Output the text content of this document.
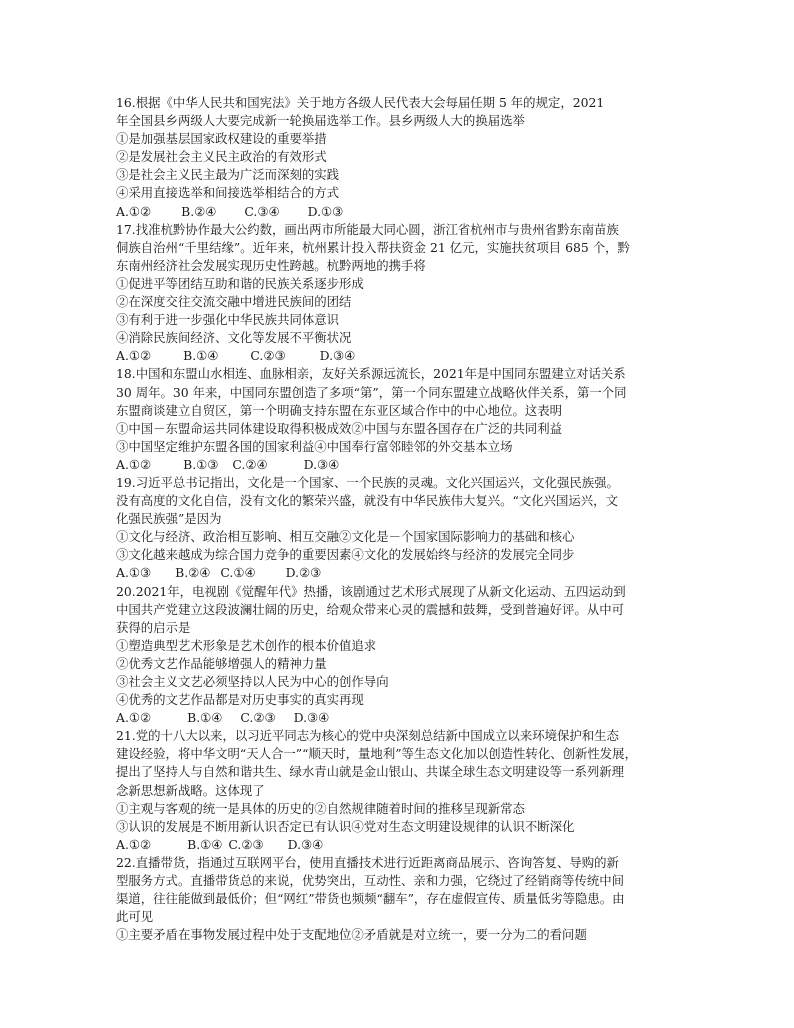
16.根据《中华人民共和国宪法》关于地方各级人民代表大会每届任期 5 年的规定，2021
年全国县乡两级人大要完成新一轮换届选举工作。县乡两级人大的换届选举
①是加强基层国家政权建设的重要举措
②是发展社会主义民主政治的有效形式
③是社会主义民主最为广泛而深刻的实践
④采用直接选举和间接选举相结合的方式
A.①② B.②④ C.③④ D.①③
17.找准杭黔协作最大公约数，画出两市所能最大同心圆，浙江省杭州市与贵州省黔东南苗族
侗族自治州“千里结缘”。近年来，杭州累计投入帮扶资金 21 亿元，实施扶贫项目 685 个，黔
东南州经济社会发展实现历史性跨越。杭黔两地的携手将
①促进平等团结互助和谐的民族关系逐步形成
②在深度交往交流交融中增进民族间的团结
③有利于进一步强化中华民族共同体意识
④消除民族间经济、文化等发展不平衡状况
A.①②	B.①④	C.②③	D.③④
18.中国和东盟山水相连、血脉相亲，友好关系源远流长，2021年是中国同东盟建立对话关系
30 周年。30 年来，中国同东盟创造了多项“第”，第一个同东盟建立战略伙伴关系，第一个同
东盟商谈建立自贸区，第一个明确支持东盟在东亚区域合作中的中心地位。这表明
①中国－东盟命运共同体建设取得积极成效②中国与东盟各国存在广泛的共同利益
③中国坚定维护东盟各国的国家利益④中国奉行富邻睦邻的外交基本立场
A.①②	B.①③ C.②④	D.③④
19.习近平总书记指出，文化是一个国家、一个民族的灵魂。文化兴国运兴，文化强民族强。
没有高度的文化自信，没有文化的繁荣兴盛，就没有中华民族伟大复兴。“文化兴国运兴，文
化强民族强”是因为
①文化与经济、政治相互影响、相互交融②文化是－个国家国际影响力的基础和核心
③文化越来越成为综合国力竞争的重要因素④文化的发展始终与经济的发展完全同步
A.①③ B.②④ C.①④ D.②③
20.2021年，电视剧《觉醒年代》热播，该剧通过艺术形式展现了从新文化运动、五四运动到
中国共产党建立这段波澜壮阔的历史，给观众带来心灵的震撼和鼓舞，受到普遍好评。从中可
获得的启示是
①塑造典型艺术形象是艺术创作的根本价值追求
②优秀文艺作品能够增强人的精神力量
③社会主义文艺必须坚持以人民为中心的创作导向
④优秀的文艺作品都是对历史事实的真实再现
A.①②	B.①④ C.②③ D.③④
21.党的十八大以来，以习近平同志为核心的党中央深刻总结新中国成立以来环境保护和生态
建设经验，将中华文明“天人合一”“顺天时，量地利”等生态文化加以创造性转化、创新性发展，
提出了坚持人与自然和谐共生、绿水青山就是金山银山、共谋全球生态文明建设等一系列新理
念新思想新战略。这体现了
①主观与客观的统一是具体的历史的②自然规律随着时间的推移呈现新常态
③认识的发展是不断用新认识否定已有认识④党对生态文明建设规律的认识不断深化
A.①②	B.①④ C.②③ D.③④
22.直播带货，指通过互联网平台，使用直播技术进行近距离商品展示、咨询答复、导购的新
型服务方式。直播带货总的来说，优势突出，互动性、亲和力强，它绕过了经销商等传统中间
渠道，往往能做到最低价；但“网红”带货也频频“翻车”，存在虚假宣传、质量低劣等隐患。由
此可见
①主要矛盾在事物发展过程中处于支配地位②矛盾就是对立统一，要一分为二的看问题
